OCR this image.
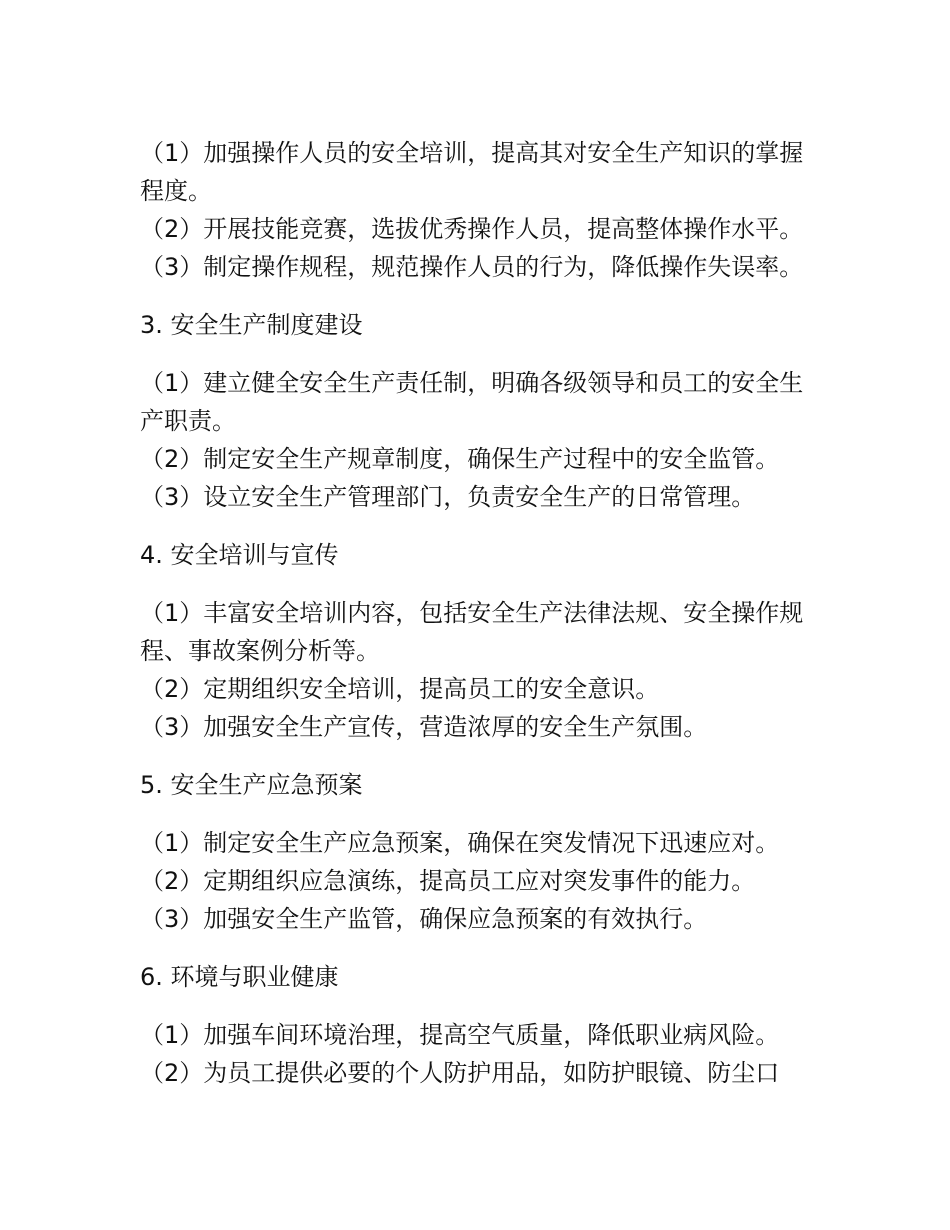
（1）加强操作人员的安全培训，提高其对安全生产知识的掌握程度。

（2）开展技能竞赛，选拔优秀操作人员，提高整体操作水平。

（3）制定操作规程，规范操作人员的行为，降低操作失误率。

3. 安全生产制度建设

（1）建立健全安全生产责任制，明确各级领导和员工的安全生产职责。

（2）制定安全生产规章制度，确保生产过程中的安全监管。

（3）设立安全生产管理部门，负责安全生产的日常管理。

4. 安全培训与宣传

（1）丰富安全培训内容，包括安全生产法律法规、安全操作规程、事故案例分析等。

（2）定期组织安全培训，提高员工的安全意识。

（3）加强安全生产宣传，营造浓厚的安全生产氛围。

5. 安全生产应急预案

（1）制定安全生产应急预案，确保在突发情况下迅速应对。

（2）定期组织应急演练，提高员工应对突发事件的能力。

（3）加强安全生产监管，确保应急预案的有效执行。

6. 环境与职业健康

（1）加强车间环境治理，提高空气质量，降低职业病风险。

（2）为员工提供必要的个人防护用品，如防护眼镜、防尘口
